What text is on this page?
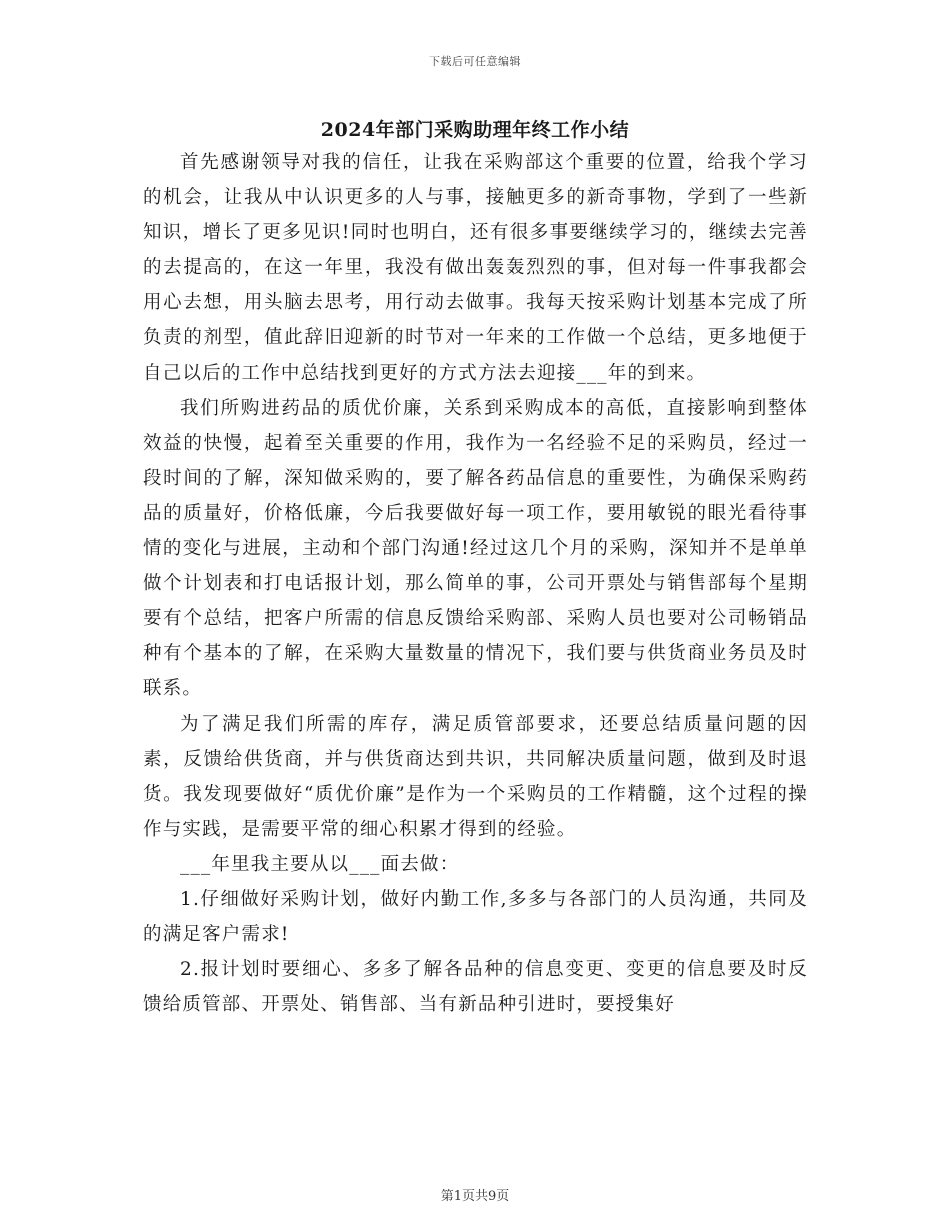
下载后可任意编辑
2024年部门采购助理年终工作小结

首先感谢领导对我的信任，让我在采购部这个重要的位置，给我个学习的机会，让我从中认识更多的人与事，接触更多的新奇事物，学到了一些新知识，增长了更多见识!同时也明白，还有很多事要继续学习的，继续去完善的去提高的，在这一年里，我没有做出轰轰烈烈的事，但对每一件事我都会用心去想，用头脑去思考，用行动去做事。我每天按采购计划基本完成了所负责的剂型，值此辞旧迎新的时节对一年来的工作做一个总结，更多地便于自己以后的工作中总结找到更好的方式方法去迎接___年的到来。

我们所购进药品的质优价廉，关系到采购成本的高低，直接影响到整体效益的快慢，起着至关重要的作用，我作为一名经验不足的采购员，经过一段时间的了解，深知做采购的，要了解各药品信息的重要性，为确保采购药品的质量好，价格低廉，今后我要做好每一项工作，要用敏锐的眼光看待事情的变化与进展，主动和个部门沟通!经过这几个月的采购，深知并不是单单做个计划表和打电话报计划，那么简单的事，公司开票处与销售部每个星期要有个总结，把客户所需的信息反馈给采购部、采购人员也要对公司畅销品种有个基本的了解，在采购大量数量的情况下，我们要与供货商业务员及时联系。

为了满足我们所需的库存，满足质管部要求，还要总结质量问题的因素，反馈给供货商，并与供货商达到共识，共同解决质量问题，做到及时退货。我发现要做好“质优价廉”是作为一个采购员的工作精髓，这个过程的操作与实践，是需要平常的细心积累才得到的经验。

___年里我主要从以___面去做：

1.仔细做好采购计划，做好内勤工作,多多与各部门的人员沟通，共同及的满足客户需求!

2.报计划时要细心、多多了解各品种的信息变更、变更的信息要及时反馈给质管部、开票处、销售部、当有新品种引进时，要授集好

第1页共9页
